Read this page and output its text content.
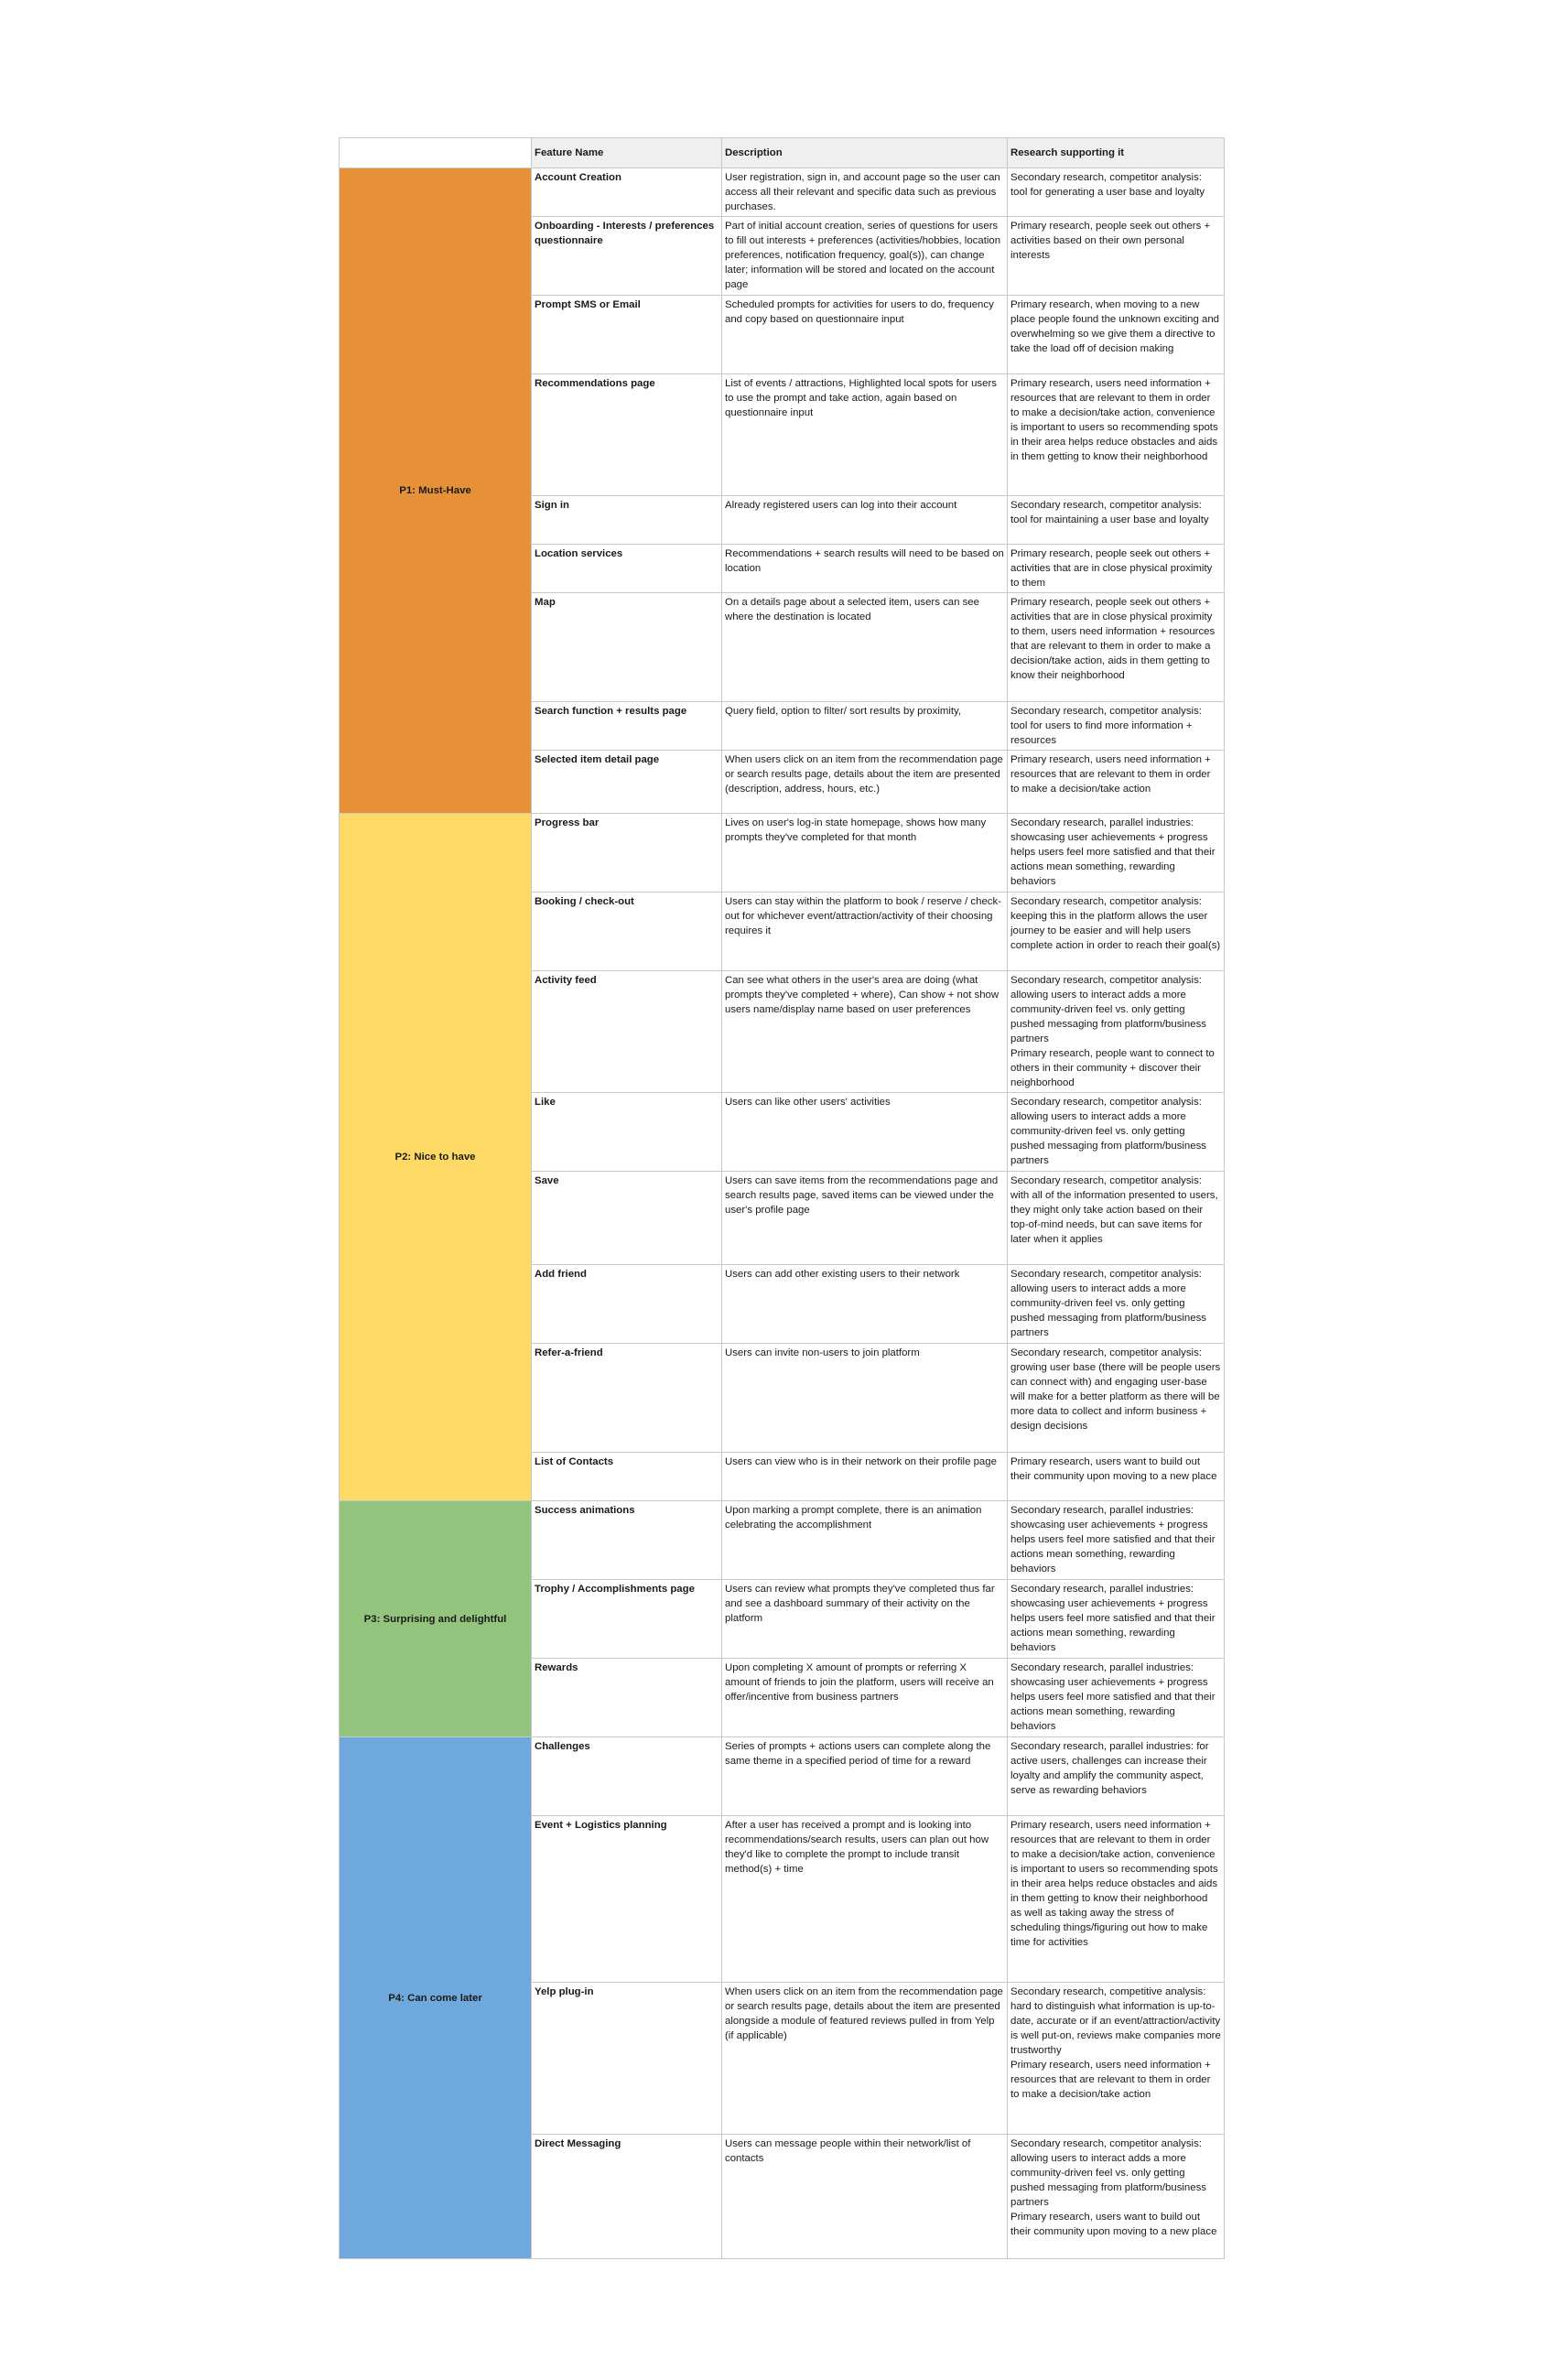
	Feature Name	Description	Research supporting it
P1: Must-Have	Account Creation	User registration, sign in, and account page so the user can access all their relevant and specific data such as previous purchases.	Secondary research, competitor analysis: tool for generating a user base and loyalty
	Onboarding - Interests / preferences questionnaire	Part of initial account creation, series of questions for users to fill out interests + preferences (activities/hobbies, location preferences, notification frequency, goal(s)), can change later; information will be stored and located on the account page	Primary research, people seek out others + activities based on their own personal interests
	Prompt SMS or Email	Scheduled prompts for activities for users to do, frequency and copy based on questionnaire input	Primary research, when moving to a new place people found the unknown exciting and overwhelming so we give them a directive to take the load off of decision making
	Recommendations page	List of events / attractions, Highlighted local spots for users to use the prompt and take action, again based on questionnaire input	Primary research, users need information + resources that are relevant to them in order to make a decision/take action, convenience is important to users so recommending spots in their area helps reduce obstacles and aids in them getting to know their neighborhood
	Sign in	Already registered users can log into their account	Secondary research, competitor analysis: tool for maintaining a user base and loyalty
	Location services	Recommendations + search results will need to be based on location	Primary research, people seek out others + activities that are in close physical proximity to them
	Map	On a details page about a selected item, users can see where the destination is located	Primary research, people seek out others + activities that are in close physical proximity to them, users need information + resources that are relevant to them in order to make a decision/take action, aids in them getting to know their neighborhood
	Search function + results page	Query field, option to filter/ sort results by proximity,	Secondary research, competitor analysis: tool for users to find more information + resources
	Selected item detail page	When users click on an item from the recommendation page or search results page, details about the item are presented (description, address, hours, etc.)	Primary research, users need information + resources that are relevant to them in order to make a decision/take action
P2: Nice to have	Progress bar	Lives on user's log-in state homepage, shows how many prompts they've completed for that month	Secondary research, parallel industries: showcasing user achievements + progress helps users feel more satisfied and that their actions mean something, rewarding behaviors
	Booking / check-out	Users can stay within the platform to book / reserve / check-out for whichever event/attraction/activity of their choosing requires it	Secondary research, competitor analysis: keeping this in the platform allows the user journey to be easier and will help users complete action in order to reach their goal(s)
	Activity feed	Can see what others in the user's area are doing (what prompts they've completed + where), Can show + not show users name/display name based on user preferences	Secondary research, competitor analysis: allowing users to interact adds a more community-driven feel vs. only getting pushed messaging from platform/business partners
Primary research, people want to connect to others in their community + discover their neighborhood
	Like	Users can like other users' activities	Secondary research, competitor analysis: allowing users to interact adds a more community-driven feel vs. only getting pushed messaging from platform/business partners
	Save	Users can save items from the recommendations page and search results page, saved items can be viewed under the user's profile page	Secondary research, competitor analysis: with all of the information presented to users, they might only take action based on their top-of-mind needs, but can save items for later when it applies
	Add friend	Users can add other existing users to their network	Secondary research, competitor analysis: allowing users to interact adds a more community-driven feel vs. only getting pushed messaging from platform/business partners
	Refer-a-friend	Users can invite non-users to join platform	Secondary research, competitor analysis: growing user base (there will be people users can connect with) and engaging user-base will make for a better platform as there will be more data to collect and inform business + design decisions
	List of Contacts	Users can view who is in their network on their profile page	Primary research, users want to build out their community upon moving to a new place
P3: Surprising and delightful	Success animations	Upon marking a prompt complete, there is an animation celebrating the accomplishment	Secondary research, parallel industries: showcasing user achievements + progress helps users feel more satisfied and that their actions mean something, rewarding behaviors
	Trophy / Accomplishments page	Users can review what prompts they've completed thus far and see a dashboard summary of their activity on the platform	Secondary research, parallel industries: showcasing user achievements + progress helps users feel more satisfied and that their actions mean something, rewarding behaviors
	Rewards	Upon completing X amount of prompts or referring X amount of friends to join the platform, users will receive an offer/incentive from business partners	Secondary research, parallel industries: showcasing user achievements + progress helps users feel more satisfied and that their actions mean something, rewarding behaviors
P4: Can come later	Challenges	Series of prompts + actions users can complete along the same theme in a specified period of time for a reward	Secondary research, parallel industries: for active users, challenges can increase their loyalty and amplify the community aspect, serve as rewarding behaviors
	Event + Logistics planning	After a user has received a prompt and is looking into recommendations/search results, users can plan out how they'd like to complete the prompt to include transit method(s) + time	Primary research, users need information + resources that are relevant to them in order to make a decision/take action, convenience is important to users so recommending spots in their area helps reduce obstacles and aids in them getting to know their neighborhood as well as taking away the stress of scheduling things/figuring out how to make time for activities
	Yelp plug-in	When users click on an item from the recommendation page or search results page, details about the item are presented alongside a module of featured reviews pulled in from Yelp (if applicable)	Secondary research, competitive analysis: hard to distinguish what information is up-to-date, accurate or if an event/attraction/activity is well put-on, reviews make companies more trustworthy
Primary research, users need information + resources that are relevant to them in order to make a decision/take action
	Direct Messaging	Users can message people within their network/list of contacts	Secondary research, competitor analysis: allowing users to interact adds a more community-driven feel vs. only getting pushed messaging from platform/business partners
Primary research, users want to build out their community upon moving to a new place
